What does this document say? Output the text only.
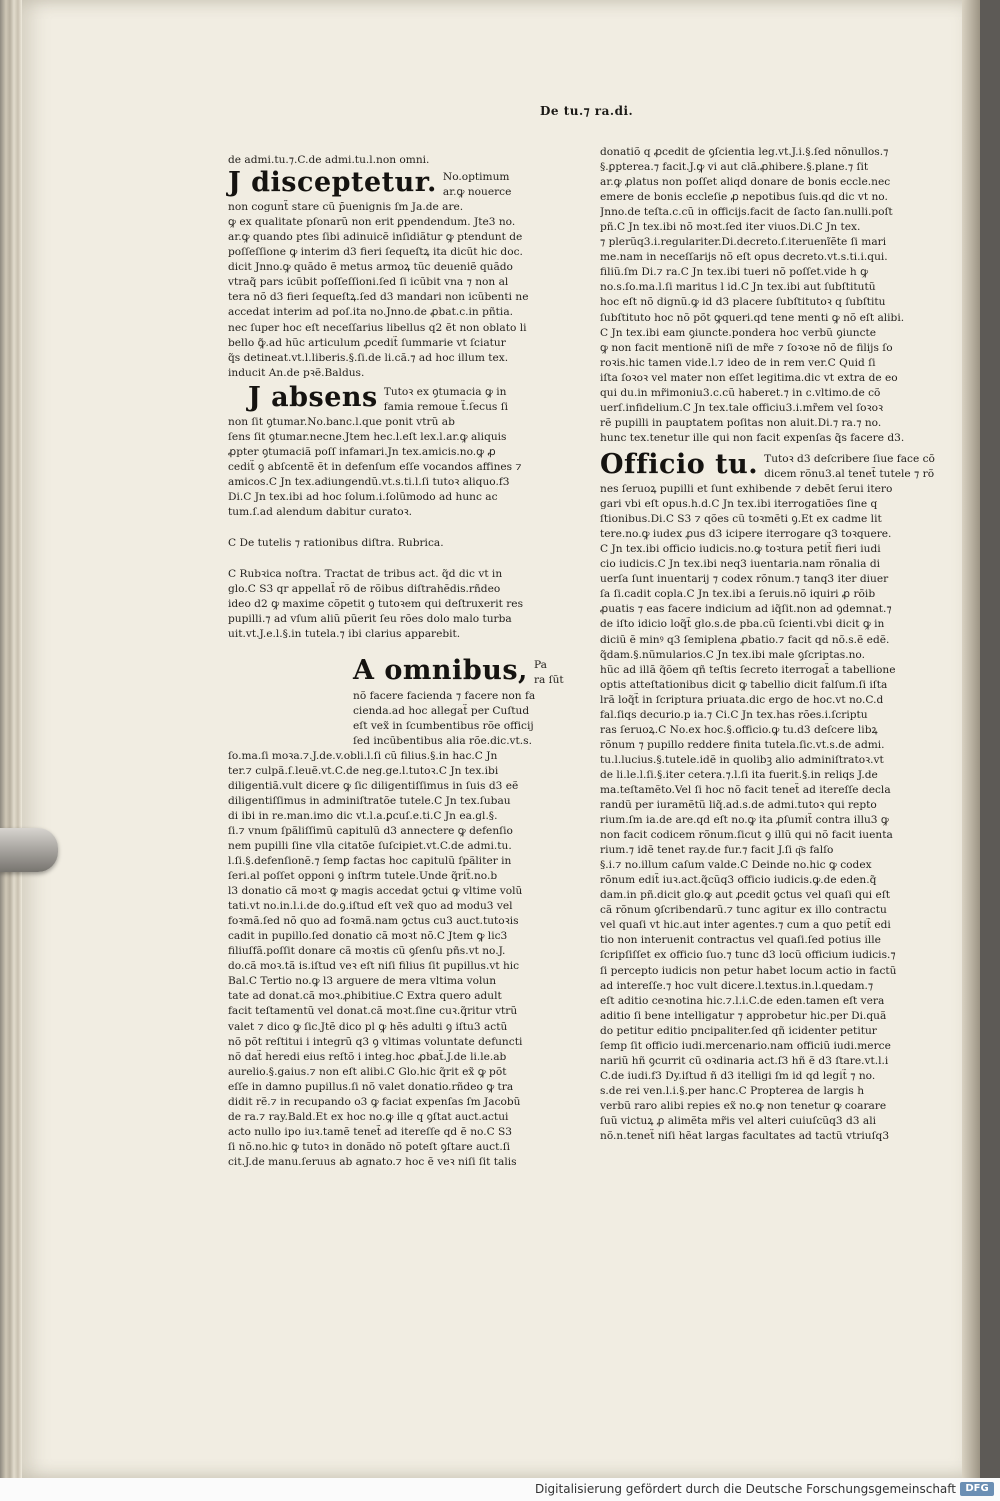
De tu.⁊ ra.di.

de admi.tu.⁊.C.de admi.tu.l.non omni.

J disceptetur. No.optimum

ar.ꝙ nouerce

non cogunt̃ stare cũ p̄uenignis ſm Ja.de are.

ꝙ ex qualitate pſonarũ non erit ꝑpendendum. Jte3 no.

ar.ꝙ quando ptes ſibi adinuicẽ inſidiãtur ꝙ ptendunt de

poſſeſſione ꝙ interim d3 fieri ſequeſtꝝ ita dicũt hic doc.

dicit Jnno.ꝙ quãdo ẽ metus armoꝝ tũc deueniẽ quãdo

vtraq̃ pars icũbit poſſeſſioni.ſed ſi icũbit vna ⁊ non al

tera nõ d3 fieri ſequeſtꝝ.ſed d3 mandari non icũbenti ne

accedat interim ad poſ.ita no.Jnno.de ꝓbat.c.in pñtia.

nec ſuper hoc eſt neceſſarius libellus q2 ẽt non oblato li

bello ꝙ̃.ad hũc articulum ꝓcedit̃ ſummarie vt ſciatur

q̃s detineat.vt.l.liberis.§.ſi.de li.cã.⁊ ad hoc illum tex.

inducit An.de pꝛẽ.Baldus.

J absens Tutoꝛ ex ꝯtumacia ꝙ in

famia remoue t̃.ſecus ſi

non ſit ꝯtumar.No.banc.l.que ponit vtrũ ab

ſens ſit ꝯtumar.necne.Jtem hec.l.eſt lex.l.ar.ꝙ aliquis

ꝓpter ꝯtumaciã poſſ infamari.Jn tex.amicis.no.ꝙ ꝓ

cedit̃ ꝯ abſcentẽ ẽt in defenſum eſſe vocandos affines ⁊

amicos.C Jn tex.adiungendũ.vt.s.ti.l.ſi tutoꝛ aliquo.f3

Di.C Jn tex.ibi ad hoc ſolum.i.ſolũmodo ad hunc ac

tum.ſ.ad alendum dabitur curatoꝛ.

C De tutelis ⁊ rationibus diſtra. Rubrica.

C Rubꝛica noſtra. Tractat de tribus act. q̃d dic vt in

glo.C S3 qr appellat̃ rõ de rõibus diſtrahẽdis.rñdeo

ideo d2 ꝙ maxime cõpetit ꝯ tutoꝛem qui deſtruxerit res

pupilli.⁊ ad vſum aliũ pũerit ſeu rões dolo malo turba

uit.vt.J.e.l.§.in tutela.⁊ ibi clarius apparebit.

A omnibus, Pa

ra ſũt

nõ facere facienda ⁊ facere non fa

cienda.ad hoc allegat̃ per Cuſtud

eſt vex̃ in ſcumbentibus rõe officij

ſed incũbentibus alia rõe.dic.vt.s.

ſo.ma.ſi moꝛa.⁊.J.de.v.obli.l.ſi cũ filius.§.in hac.C Jn

ter.⁊ culpã.ſ.leuẽ.vt.C.de neg.ge.l.tutoꝛ.C Jn tex.ibi

diligentiã.vult dicere ꝙ ſic diligentiſſimus in ſuis d3 eẽ

diligentiſſimus in adminiſtratõe tutele.C Jn tex.ſubau

di ibi in re.man.imo dic vt.l.a.ꝑcuſ.e.ti.C Jn ea.gl.§.

ſi.⁊ vnum ſpãliſſimũ capitulũ d3 annectere ꝙ defenſio

nem pupilli ſine vlla citatõe ſuſcipiet.vt.C.de admi.tu.

l.ſi.§.defenſionẽ.⁊ ſemꝑ factas hoc capitulũ ſpãliter in

ſeri.al poſſet opponi ꝯ inſtrm tutele.Unde q̃rit̃.no.b

l3 donatio cã moꝛt ꝙ magis accedat ꝯctui ꝙ vltime volũ

tati.vt no.in.l.i.de do.ꝯ.iſtud eſt vex̃ quo ad modu3 vel

foꝛmã.ſed nõ quo ad foꝛmã.nam ꝯctus cu3 auct.tutoꝛis

cadit in pupillo.ſed donatio cã moꝛt nõ.C Jtem ꝙ lic3

filiuſfã.poſſit donare cã moꝛtis cũ ꝯſenſu pñs.vt no.J.

do.cã moꝛ.tã is.iſtud veꝛ eſt niſi filius ſit pupillus.vt hic

Bal.C Tertio no.ꝙ l3 arguere de mera vltima volun

tate ad donat.cã moꝛ.ꝓhibitiue.C Extra quero adult

facit teſtamentũ vel donat.cã moꝛt.ſine cuꝛ.q̃ritur vtrũ

valet ⁊ dico ꝙ ſic.Jtẽ dico pl ꝙ hẽs adulti ꝯ iſtu3 actũ

nõ põt reſtitui i integrũ q3 ꝯ vltimas voluntate defuncti

nõ dat̃ heredi eius reſtõ i integ.hoc ꝓbat̃.J.de li.le.ab

aurelio.§.gaius.⁊ non eſt alibi.C Glo.hic q̃rit ex̃ ꝙ põt

eſſe in damno pupillus.ſi nõ valet donatio.rñdeo ꝙ tra

didit rẽ.⁊ in recupando o3 ꝙ faciat expenſas ſm Jacobũ

de ra.⁊ ray.Bald.Et ex hoc no.ꝙ ille q ꝯſtat auct.actui

acto nullo ipo iuꝛ.tamẽ tenet̃ ad itereſſe qd ẽ no.C S3

ſi nõ.no.hic ꝙ tutoꝛ in donãdo nõ poteſt ꝯſtare auct.ſi

cit.J.de manu.ſeruus ab agnato.⁊ hoc ẽ veꝛ niſi ſit talis

donatiõ q ꝓcedit de ꝯſcientia leg.vt.J.i.§.ſed nõnullos.⁊

§.ꝑpterea.⁊ facit.J.ꝙ vi aut clã.ꝓhibere.§.plane.⁊ ſit

ar.ꝙ ꝓlatus non poſſet aliqd donare de bonis eccle.nec

emere de bonis eccleſie ꝓ nepotibus ſuis.qd dic vt no.

Jnno.de teſta.c.cũ in officijs.facit de ſacto ſan.nulli.poſt

pñ.C Jn tex.ibi nõ moꝛt.ſed iter viuos.Di.C Jn tex.

⁊ plerũq3.i.regulariter.Di.decreto.ſ.iteruenĩẽte ſi mari

me.nam in neceſſarijs nõ eſt opus decreto.vt.s.ti.i.qui.

filiũ.ſm Di.⁊ ra.C Jn tex.ibi tueri nõ poſſet.vide h ꝙ

no.s.ſo.ma.l.ſi maritus l id.C Jn tex.ibi aut ſubſtitutũ

hoc eſt nõ dignũ.ꝙ id d3 placere ſubſtitutoꝛ q ſubſtitu

ſubſtituto hoc nõ põt ꝙqueri.qd tene menti ꝙ nõ eſt alibi.

C Jn tex.ibi eam ꝯiuncte.pondera hoc verbũ ꝯiuncte

ꝙ non facit mentionẽ niſi de mr̃e ⁊ ſoꝛoꝛe nõ de filijs ſo

roꝛis.hic tamen vide.l.⁊ ideo de in rem ver.C Quid ſi

iſta ſoꝛoꝛ vel mater non eſſet legitima.dic vt extra de eo

qui du.in mr̃imoniu3.c.cũ haberet.⁊ in c.vltimo.de cõ

uerſ.infidelium.C Jn tex.tale officiu3.i.mr̃em vel ſoꝛoꝛ

rẽ pupilli in pauptatem poſitas non aluit.Di.⁊ ra.⁊ no.

hunc tex.tenetur ille qui non facit expenſas q̃s facere d3.

Officio tu. Tutoꝛ d3 deſcribere ſiue face cõ

dicem rõnu3.al tenet̃ tutele ⁊ rõ

nes ſeruoꝝ pupilli et ſunt exhibende ⁊ debẽt ſerui itero

gari vbi eſt opus.h.d.C Jn tex.ibi iterrogatiões ſine q

ſtionibus.Di.C S3 ⁊ qões cũ toꝛmẽti ꝯ.Et ex cadme lit

tere.no.ꝙ iudex ꝓus d3 icipere iterrogare q3 toꝛquere.

C Jn tex.ibi officio iudicis.no.ꝙ toꝛtura petit̃ fieri iudi

cio iudicis.C Jn tex.ibi neq3 iuentaria.nam rõnalia di

uerſa ſunt inuentarij ⁊ codex rõnum.⁊ tanq3 iter diuer

ſa ſi.cadit copla.C Jn tex.ibi a ſeruis.nõ iquiri ꝓ rõib

ꝓuatis ⁊ eas facere indicium ad iq̃ſit.non ad ꝯdemnat.⁊

de iſto idicio loq̃t̃ glo.s.de pba.cũ ſcienti.vbi dicit ꝙ in

diciũ ẽ minꝰ q3 ſemiplena ꝓbatio.⁊ facit qd nõ.s.ẽ edẽ.

q̃dam.§.nũmularios.C Jn tex.ibi male ꝯſcriptas.no.

hũc ad illã q̃õem qñ teſtis ſecreto iterrogat̃ a tabellione

optis atteſtationibus dicit ꝙ tabellio dicit falſum.ſi iſta

lrã loq̃t̃ in ſcriptura priuata.dic ergo de hoc.vt no.C.d

fal.ſiqs decurio.p ia.⁊ Ci.C Jn tex.has rões.i.ſcriptu

ras ſeruoꝝ.C No.ex hoc.§.officio.ꝙ tu.d3 deſcere libꝝ

rõnum ⁊ pupillo reddere finita tutela.ſic.vt.s.de admi.

tu.l.lucius.§.tutele.idẽ in quolibꝫ alio adminiſtratoꝛ.vt

de li.le.l.ſi.§.iter cetera.⁊.l.ſi ita fuerit.§.in reliqs J.de

ma.teſtamẽto.Vel ſi hoc nõ facit tenet̃ ad itereſſe decla

randũ per iuramẽtũ liq̃.ad.s.de admi.tutoꝛ qui repto

rium.ſm ia.de are.qd eſt no.ꝙ ita ꝓſumit̃ contra illu3 ꝙ

non facit codicem rõnum.ſicut ꝯ illũ qui nõ facit iuenta

rium.⁊ idẽ tenet ray.de fur.⁊ facit J.ſi q͂s falſo

§.i.⁊ no.illum caſum valde.C Deinde no.hic ꝙ codex

rõnum edit̃ iuꝛ.act.q̃cũq3 officio iudicis.ꝙ.de eden.q̃

dam.in pñ.dicit glo.ꝙ aut ꝓcedit ꝯctus vel quaſi qui eſt

cã rõnum ꝯſcribendarũ.⁊ tunc agitur ex illo contractu

vel quaſi vt hic.aut inter agentes.⁊ cum a quo petit̃ edi

tio non interuenit contractus vel quaſi.ſed potius ille

ſcripſiſſet ex officio ſuo.⁊ tunc d3 locũ officium iudicis.⁊

ſi percepto iudicis non petur habet locum actio in factũ

ad intereſſe.⁊ hoc vult dicere.l.textus.in.l.quedam.⁊

eſt aditio ceꝛnotina hic.⁊.l.i.C.de eden.tamen eſt vera

aditio ſi bene intelligatur ⁊ approbetur hic.per Di.quã

do petitur editio pncipaliter.ſed qñ icidenter petitur

ſemp ſit officio iudi.mercenario.nam officiũ iudi.merce

nariũ hñ ꝯcurrit cũ oꝛdinaria act.ſ3 hñ ẽ d3 ſtare.vt.l.i

C.de iudi.f3 Dy.iſtud ñ d3 itelligi ſm id qd legit̃ ⁊ no.

s.de rei ven.l.i.§.per hanc.C Propterea de largis h

verbũ raro alibi repies ex̃ no.ꝙ non tenetur ꝙ coarare

ſuũ victuꝝ ꝓ alimẽta mr̃is vel alteri cuiuſcũq3 d3 ali

nõ.n.tenet̃ niſi hẽat largas facultates ad tactũ vtriuſq3

Digitalisierung gefördert durch die Deutsche Forschungsgemeinschaft DFG
